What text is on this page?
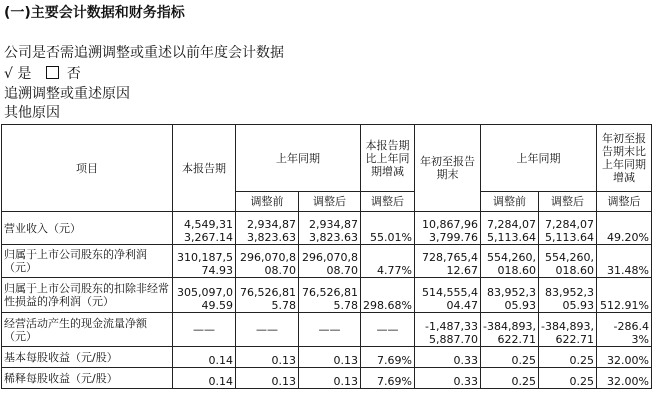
(一)主要会计数据和财务指标
公司是否需追溯调整或重述以前年度会计数据
√ 是	否
追溯调整或重述原因
其他原因
项目	本报告期	上年同期		本报告期比上年同期增减	年初至报告期末	上年同期		年初至报告期末比上年同期增减
		调整前	调整后	调整后		调整前	调整后	调整后
营业收入（元）	4,549,313,267.14	2,934,873,823.63	2,934,873,823.63	55.01%	10,867,963,799.76	7,284,075,113.64	7,284,075,113.64	49.20%
归属于上市公司股东的净利润（元）	310,187,574.93	296,070,808.70	296,070,808.70	4.77%	728,765,412.67	554,260,018.60	554,260,018.60	31.48%
归属于上市公司股东的扣除非经常性损益的净利润（元）	305,097,049.59	76,526,815.78	76,526,815.78	298.68%	514,555,404.47	83,952,305.93	83,952,305.93	512.91%
经营活动产生的现金流量净额（元）	——	——	——	——	-1,487,335,887.70	-384,893,622.71	-384,893,622.71	-286.43%
基本每股收益（元/股）	0.14	0.13	0.13	7.69%	0.33	0.25	0.25	32.00%
稀释每股收益（元/股）	0.14	0.13	0.13	7.69%	0.33	0.25	0.25	32.00%
